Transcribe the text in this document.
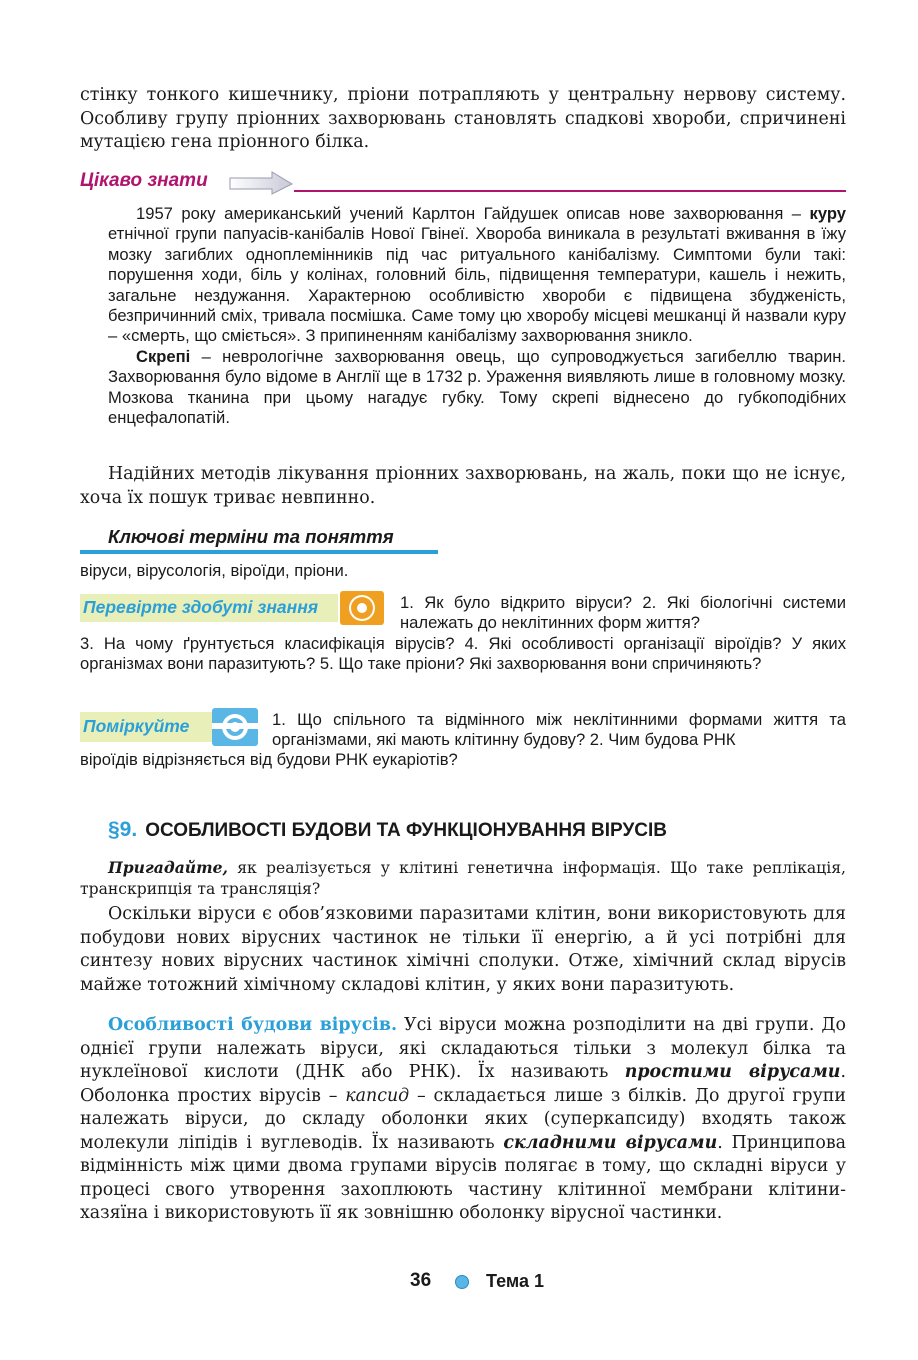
стінку тонкого кишечнику, пріони потрапляють у центральну нервову систему. Особливу групу пріонних захворювань становлять спадкові хвороби, спричинені мутацією гена пріонного білка.

Цікаво знати

1957 року американський учений Карлтон Гайдушек описав нове захворювання – куру етнічної групи папуасів-канібалів Нової Гвінеї. Хвороба виникала в результаті вживання в їжу мозку загиблих одноплемінників під час ритуального канібалізму. Симптоми були такі: порушення ходи, біль у колінах, головний біль, підвищення температури, кашель і нежить, загальне нездужання. Характерною особливістю хвороби є підвищена збудженість, безпричинний сміх, тривала посмішка. Саме тому цю хворобу місцеві мешканці й назвали куру – «смерть, що сміється». З припиненням канібалізму захворювання зникло.

Скрепі – неврологічне захворювання овець, що супроводжується загибеллю тварин. Захворювання було відоме в Англії ще в 1732 р. Ураження виявляють лише в головному мозку. Мозкова тканина при цьому нагадує губку. Тому скрепі віднесено до губкоподібних енцефалопатій.

Надійних методів лікування пріонних захворювань, на жаль, поки що не існує, хоча їх пошук триває невпинно.

Ключові терміни та поняття

віруси, вірусологія, віроїди, пріони.

Перевірте здобуті знання	1. Як було відкрито віруси? 2. Які біологічні системи належать до неклітинних форм життя?

3. На чому ґрунтується класифікація вірусів? 4. Які особливості організації віроїдів? У яких організмах вони паразитують? 5. Що таке пріони? Які захворювання вони спричиняють?

Поміркуйте	1. Що спільного та відмінного між неклітинними формами життя та організмами, які мають клітинну будову? 2. Чим будова РНК

віроїдів відрізняється від будови РНК еукаріотів?

§9. ОСОБЛИВОСТІ БУДОВИ ТА ФУНКЦІОНУВАННЯ ВІРУСІВ

Пригадайте, як реалізується у клітині генетична інформація. Що таке реплікація, транскрипція та трансляція?

Оскільки віруси є обов’язковими паразитами клітин, вони використовують для побудови нових вірусних частинок не тільки її енергію, а й усі потрібні для синтезу нових вірусних частинок хімічні сполуки. Отже, хімічний склад вірусів майже тотожний хімічному складові клітин, у яких вони паразитують.

Особливості будови вірусів. Усі віруси можна розподілити на дві групи. До однієї групи належать віруси, які складаються тільки з молекул білка та нуклеїнової кислоти (ДНК або РНК). Їх називають простими вірусами. Оболонка простих вірусів – капсид – складається лише з білків. До другої групи належать віруси, до складу оболонки яких (суперкапсиду) входять також молекули ліпідів і вуглеводів. Їх називають складними вірусами. Принципова відмінність між цими двома групами вірусів полягає в тому, що складні віруси у процесі свого утворення захоплюють частину клітинної мембрани клітини-хазяїна і використовують її як зовнішню оболонку вірусної частинки.

36	Тема 1
